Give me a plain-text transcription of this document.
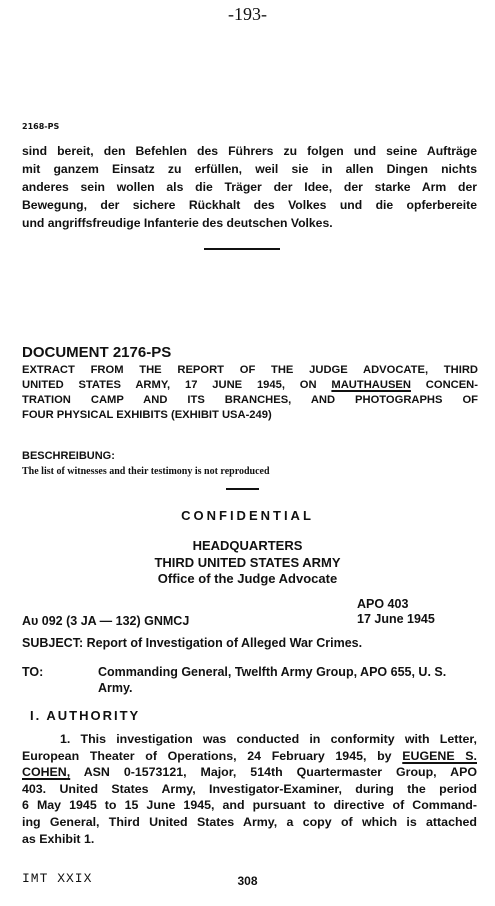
-193-
2168-PS
sind bereit, den Befehlen des Führers zu folgen und seine Aufträge
mit ganzem Einsatz zu erfüllen, weil sie in allen Dingen nichts
anderes sein wollen als die Träger der Idee, der starke Arm der
Bewegung, der sichere Rückhalt des Volkes und die opferbereite
und angriffsfreudige Infanterie des deutschen Volkes.
DOCUMENT 2176-PS
EXTRACT FROM THE REPORT OF THE JUDGE ADVOCATE, THIRD
UNITED STATES ARMY, 17 JUNE 1945, ON MAUTHAUSEN CONCEN-
TRATION CAMP AND ITS BRANCHES, AND PHOTOGRAPHS OF
FOUR PHYSICAL EXHIBITS (EXHIBIT USA-249)
BESCHREIBUNG:
The list of witnesses and their testimony is not reproduced
CONFIDENTIAL
HEADQUARTERS
THIRD UNITED STATES ARMY
Office of the Judge Advocate
APO 403
17 June 1945
Aυ 092 (3 JA — 132) GNMCJ
SUBJECT: Report of Investigation of Alleged War Crimes.
TO:	Commanding General, Twelfth Army Group, APO 655, U. S. Army.
I. AUTHORITY
1. This investigation was conducted in conformity with Letter,
European Theater of Operations, 24 February 1945, by EUGENE S.
COHEN, ASN 0-1573121, Major, 514th Quartermaster Group, APO
403. United States Army, Investigator-Examiner, during the period
6 May 1945 to 15 June 1945, and pursuant to directive of Command-
ing General, Third United States Army, a copy of which is attached
as Exhibit 1.
IMT XXIX	308
